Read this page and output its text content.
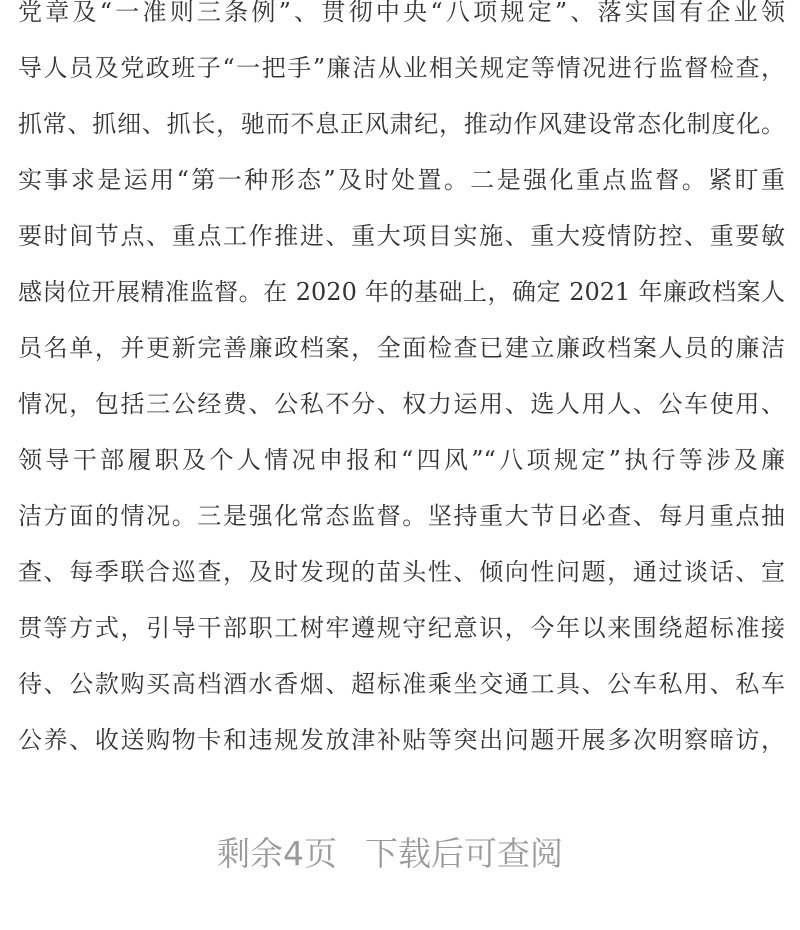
党章及“一准则三条例”、贯彻中央“八项规定”、落实国有企业领
导人员及党政班子“一把手”廉洁从业相关规定等情况进行监督检查，
抓常、抓细、抓长，驰而不息正风肃纪，推动作风建设常态化制度化。
实事求是运用“第一种形态”及时处置。二是强化重点监督。紧盯重
要时间节点、重点工作推进、重大项目实施、重大疫情防控、重要敏
感岗位开展精准监督。在 2020 年的基础上，确定 2021 年廉政档案人
员名单，并更新完善廉政档案，全面检查已建立廉政档案人员的廉洁
情况，包括三公经费、公私不分、权力运用、选人用人、公车使用、
领导干部履职及个人情况申报和“四风”“八项规定”执行等涉及廉
洁方面的情况。三是强化常态监督。坚持重大节日必查、每月重点抽
查、每季联合巡查，及时发现的苗头性、倾向性问题，通过谈话、宣
贯等方式，引导干部职工树牢遵规守纪意识，今年以来围绕超标准接
待、公款购买高档酒水香烟、超标准乘坐交通工具、公车私用、私车
公养、收送购物卡和违规发放津补贴等突出问题开展多次明察暗访，
剩余4页 下载后可查阅
